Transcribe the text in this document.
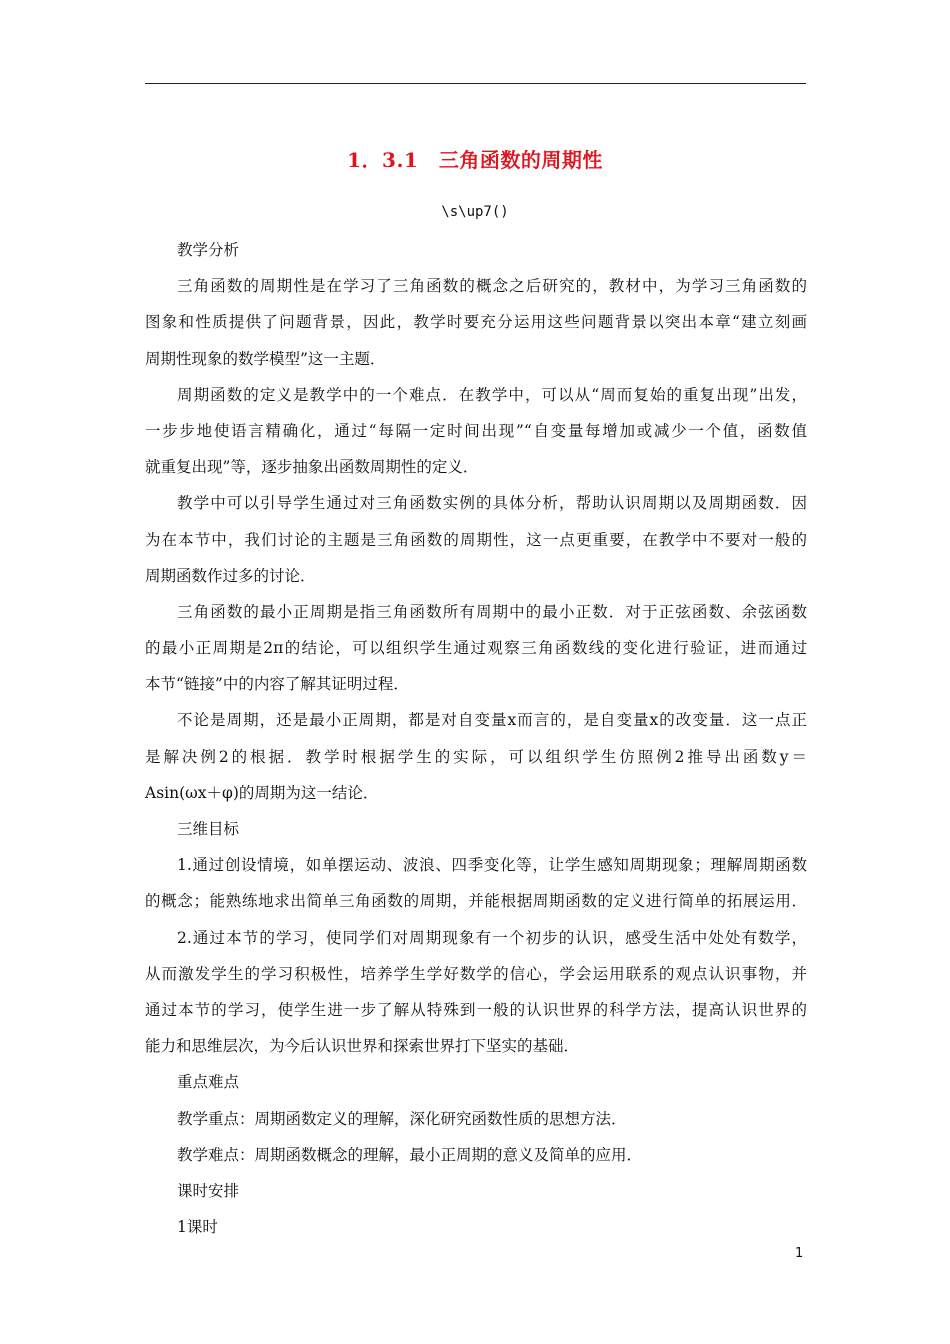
1．3.1　三角函数的周期性
\s\up7()
教学分析
三角函数的周期性是在学习了三角函数的概念之后研究的，教材中，为学习三角函数的
图象和性质提供了问题背景，因此，教学时要充分运用这些问题背景以突出本章“建立刻画
周期性现象的数学模型”这一主题．
周期函数的定义是教学中的一个难点．在教学中，可以从“周而复始的重复出现”出发，
一步步地使语言精确化，通过“每隔一定时间出现”“自变量每增加或减少一个值，函数值
就重复出现”等，逐步抽象出函数周期性的定义．
教学中可以引导学生通过对三角函数实例的具体分析，帮助认识周期以及周期函数．因
为在本节中，我们讨论的主题是三角函数的周期性，这一点更重要，在教学中不要对一般的
周期函数作过多的讨论．
三角函数的最小正周期是指三角函数所有周期中的最小正数．对于正弦函数、余弦函数
的最小正周期是2π的结论，可以组织学生通过观察三角函数线的变化进行验证，进而通过
本节“链接”中的内容了解其证明过程．
不论是周期，还是最小正周期，都是对自变量x而言的，是自变量x的改变量．这一点正
是解决例2的根据．教学时根据学生的实际，可以组织学生仿照例2推导出函数y＝
Asin(ωx＋φ)的周期为这一结论．
三维目标
1.通过创设情境，如单摆运动、波浪、四季变化等，让学生感知周期现象；理解周期函数
的概念；能熟练地求出简单三角函数的周期，并能根据周期函数的定义进行简单的拓展运用．
2.通过本节的学习，使同学们对周期现象有一个初步的认识，感受生活中处处有数学，
从而激发学生的学习积极性，培养学生学好数学的信心，学会运用联系的观点认识事物，并
通过本节的学习，使学生进一步了解从特殊到一般的认识世界的科学方法，提高认识世界的
能力和思维层次，为今后认识世界和探索世界打下坚实的基础．
重点难点
教学重点：周期函数定义的理解，深化研究函数性质的思想方法．
教学难点：周期函数概念的理解，最小正周期的意义及简单的应用．
课时安排
1课时
1
